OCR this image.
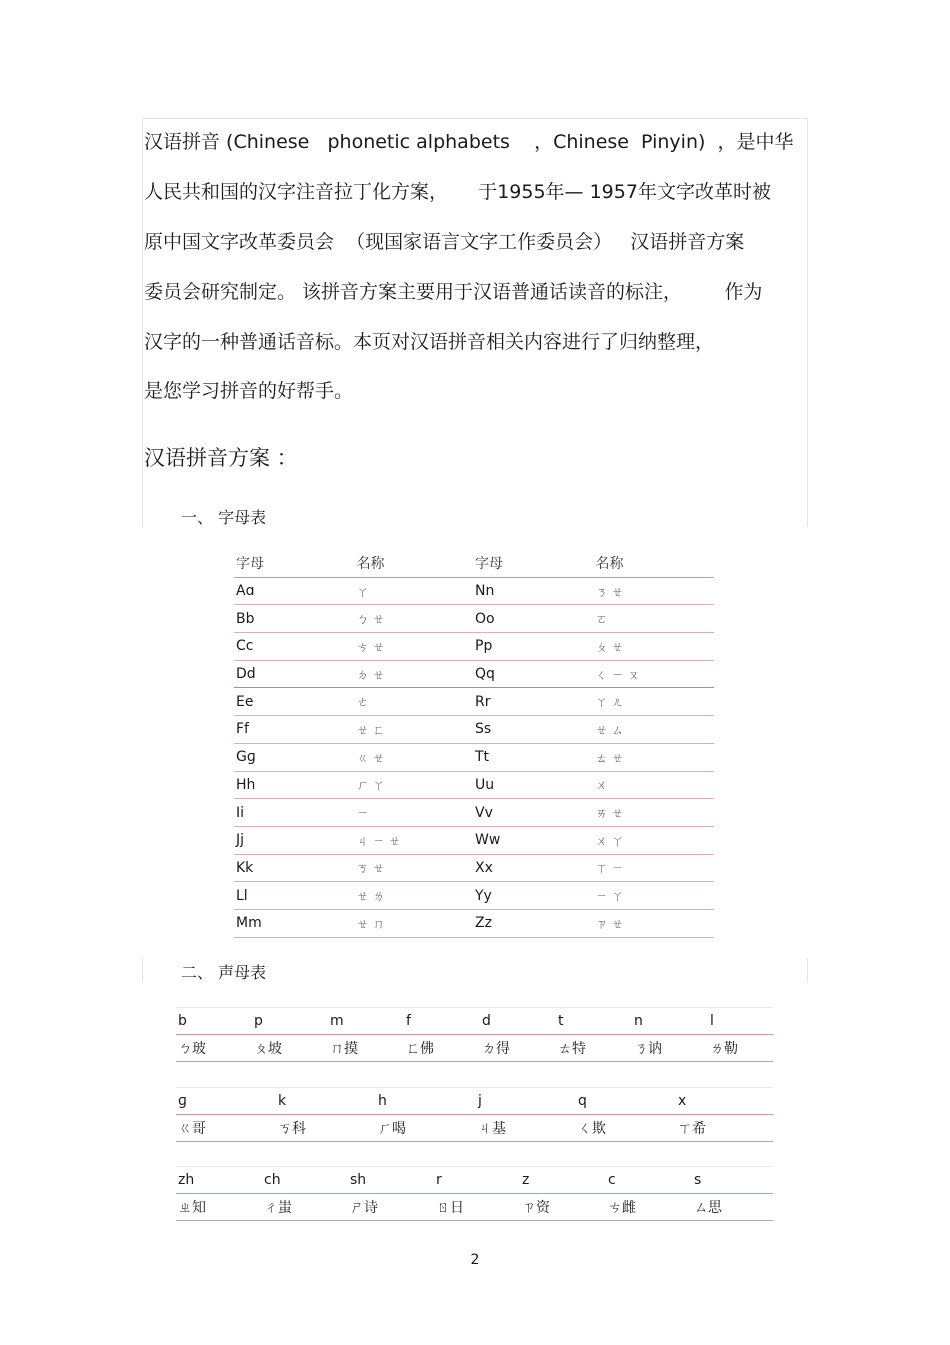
汉语拼音 (Chinese   phonetic alphabets    ，Chinese  Pinyin)  ，是中华
人民共和国的汉字注音拉丁化方案，     于1955年— 1957年文字改革时被
原中国文字改革委员会  （现国家语言文字工作委员会）   汉语拼音方案
委员会研究制定。 该拼音方案主要用于汉语普通话读音的标注，       作为
汉字的一种普通话音标。本页对汉语拼音相关内容进行了归纳整理，
是您学习拼音的好帮手。
汉语拼音方案 ：
一、 字母表
字母	名称	字母	名称
Aɑ	ㄚ	Nn	ㄋㄝ
Bb	ㄅㄝ	Oo	ㄛ
Cc	ㄘㄝ	Pp	ㄆㄝ
Dd	ㄉㄝ	Qq	ㄑㄧㄡ
Ee	ㄜ	Rr	ㄚㄦ
Ff	ㄝㄈ	Ss	ㄝㄙ
Gɡ	ㄍㄝ	Tt	ㄊㄝ
Hh	ㄏㄚ	Uu	ㄨ
Ii	ㄧ	Vv	ㄞㄝ
Jj	ㄐㄧㄝ	Ww	ㄨㄚ
Kk	ㄎㄝ	Xx	ㄒㄧ
Ll	ㄝㄌ	Yy	ㄧㄚ
Mm	ㄝㄇ	Zz	ㄗㄝ
二、 声母表
b	p	m	f	d	t	n	l
ㄅ玻	ㄆ坡	ㄇ摸	ㄈ佛	ㄉ得	ㄊ特	ㄋ讷	ㄌ勒
ɡ	k	h	j	q	x
ㄍ哥	ㄎ科	ㄏ喝	ㄐ基	ㄑ欺	ㄒ希
zh	ch	sh	r	z	c	s
ㄓ知	ㄔ蚩	ㄕ诗	ㄖ日	ㄗ资	ㄘ雌	ㄙ思
2
